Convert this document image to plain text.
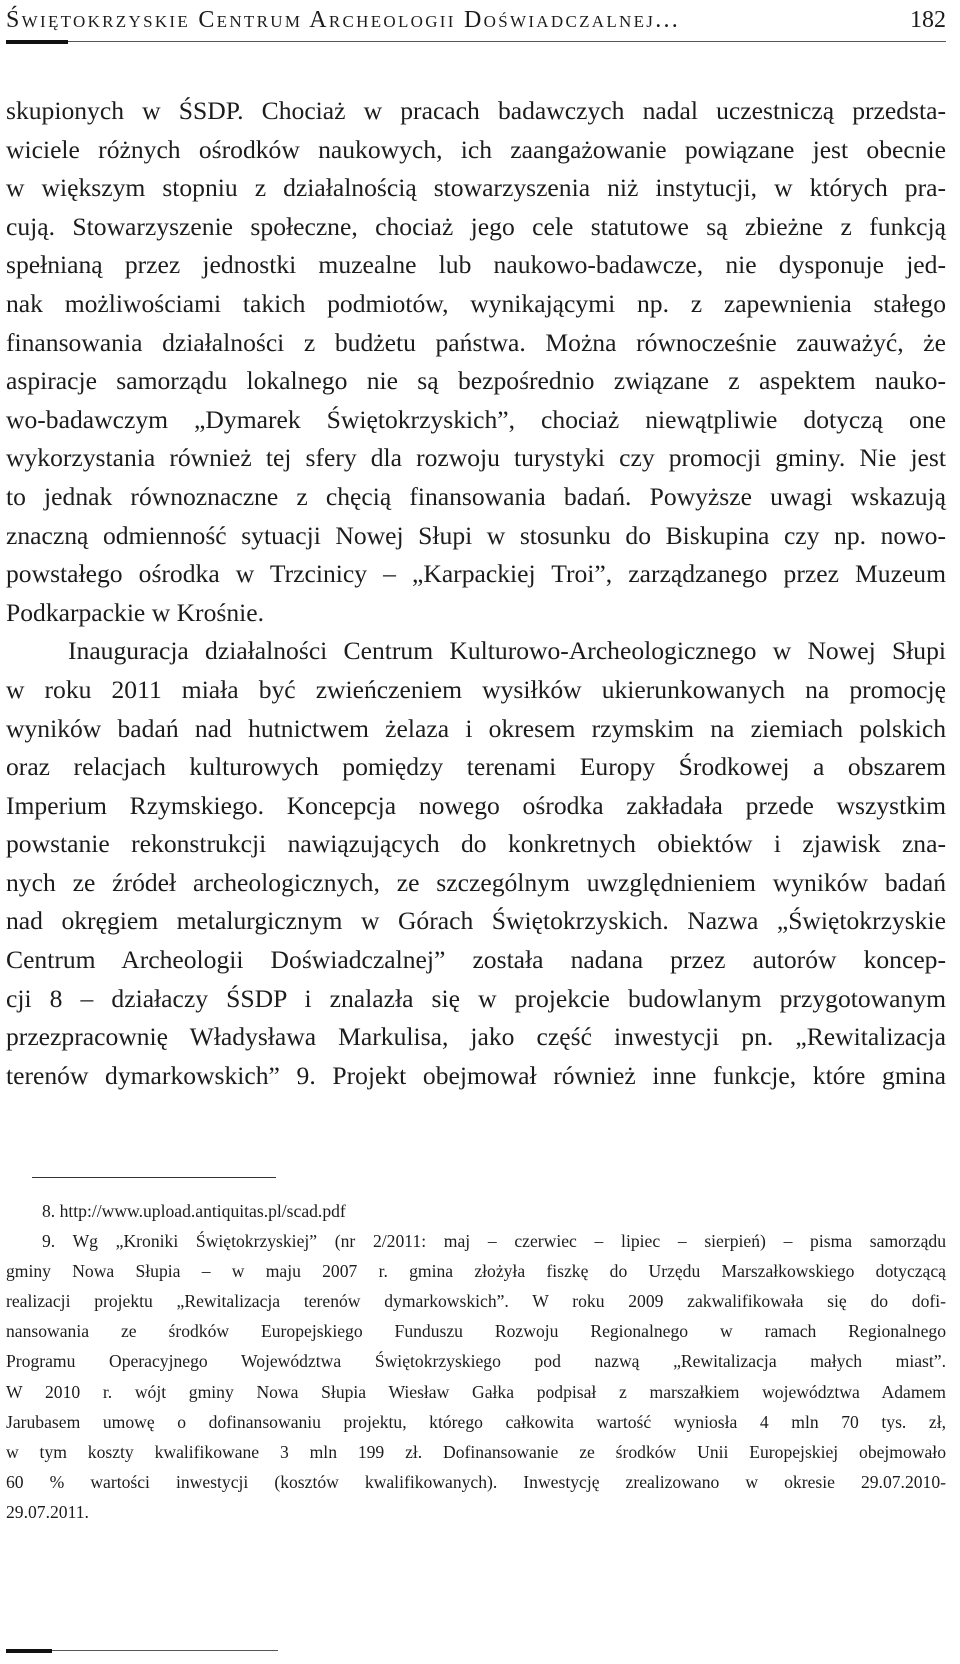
Świętokrzyskie Centrum Archeologii Doświadczalnej...	182
skupionych w ŚSDP. Chociaż w pracach badawczych nadal uczestniczą przedsta-
wiciele różnych ośrodków naukowych, ich zaangażowanie powiązane jest obecnie
w większym stopniu z działalnością stowarzyszenia niż instytucji, w których pra-
cują. Stowarzyszenie społeczne, chociaż jego cele statutowe są zbieżne z funkcją
spełnianą przez jednostki muzealne lub naukowo-badawcze, nie dysponuje jed-
nak możliwościami takich podmiotów, wynikającymi np. z zapewnienia stałego
finansowania działalności z budżetu państwa. Można równocześnie zauważyć, że
aspiracje samorządu lokalnego nie są bezpośrednio związane z aspektem nauko-
wo-badawczym „Dymarek Świętokrzyskich”, chociaż niewątpliwie dotyczą one
wykorzystania również tej sfery dla rozwoju turystyki czy promocji gminy. Nie jest
to jednak równoznaczne z chęcią finansowania badań. Powyższe uwagi wskazują
znaczną odmienność sytuacji Nowej Słupi w stosunku do Biskupina czy np. nowo-
powstałego ośrodka w Trzcinicy – „Karpackiej Troi”, zarządzanego przez Muzeum
Podkarpackie w Krośnie.
Inauguracja działalności Centrum Kulturowo-Archeologicznego w Nowej Słupi
w roku 2011 miała być zwieńczeniem wysiłków ukierunkowanych na promocję
wyników badań nad hutnictwem żelaza i okresem rzymskim na ziemiach polskich
oraz relacjach kulturowych pomiędzy terenami Europy Środkowej a obszarem
Imperium Rzymskiego. Koncepcja nowego ośrodka zakładała przede wszystkim
powstanie rekonstrukcji nawiązujących do konkretnych obiektów i zjawisk zna-
nych ze źródeł archeologicznych, ze szczególnym uwzględnieniem wyników badań
nad okręgiem metalurgicznym w Górach Świętokrzyskich. Nazwa „Świętokrzyskie
Centrum Archeologii Doświadczalnej” została nadana przez autorów koncep-
cji 8 – działaczy ŚSDP i znalazła się w projekcie budowlanym przygotowanym
przezpracownię Władysława Markulisa, jako część inwestycji pn. „Rewitalizacja
terenów dymarkowskich” 9. Projekt obejmował również inne funkcje, które gmina
8. http://www.upload.antiquitas.pl/scad.pdf
9. Wg „Kroniki Świętokrzyskiej” (nr 2/2011: maj – czerwiec – lipiec – sierpień) – pisma samorządu
gminy Nowa Słupia – w maju 2007 r. gmina złożyła fiszkę do Urzędu Marszałkowskiego dotyczącą
realizacji projektu „Rewitalizacja terenów dymarkowskich”. W roku 2009 zakwalifikowała się do dofi-
nansowania ze środków Europejskiego Funduszu Rozwoju Regionalnego w ramach Regionalnego
Programu Operacyjnego Województwa Świętokrzyskiego pod nazwą „Rewitalizacja małych miast”.
W 2010 r. wójt gminy Nowa Słupia Wiesław Gałka podpisał z marszałkiem województwa Adamem
Jarubasem umowę o dofinansowaniu projektu, którego całkowita wartość wyniosła 4 mln 70 tys. zł,
w tym koszty kwalifikowane 3 mln 199 zł. Dofinansowanie ze środków Unii Europejskiej obejmowało
60 % wartości inwestycji (kosztów kwalifikowanych). Inwestycję zrealizowano w okresie 29.07.2010-
29.07.2011.
